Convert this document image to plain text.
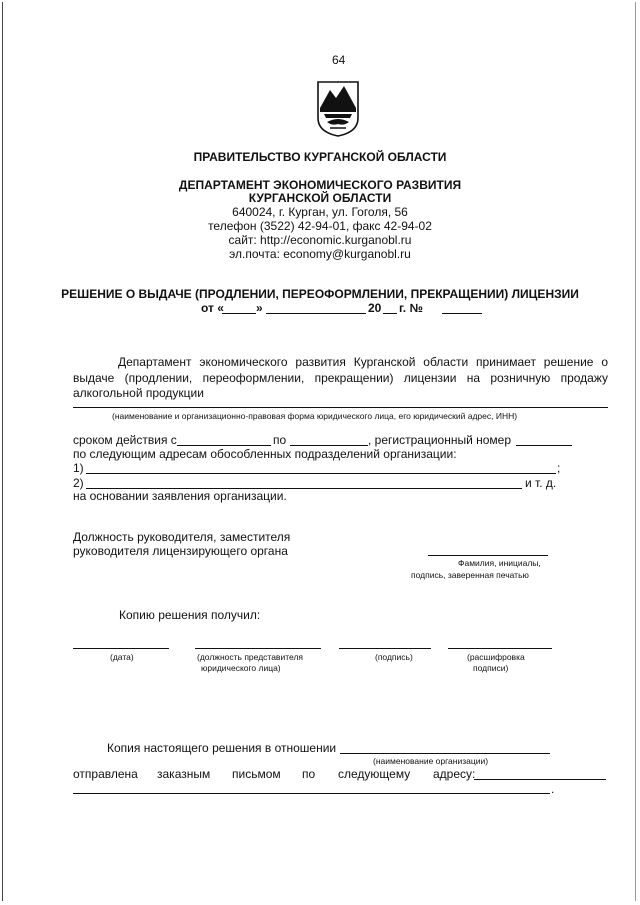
64
ПРАВИТЕЛЬСТВО КУРГАНСКОЙ ОБЛАСТИ
ДЕПАРТАМЕНТ ЭКОНОМИЧЕСКОГО РАЗВИТИЯ
КУРГАНСКОЙ ОБЛАСТИ
640024, г. Курган, ул. Гоголя, 56
телефон (3522) 42-94-01, факс 42-94-02
сайт: http://economic.kurganobl.ru
эл.почта: economy@kurganobl.ru
РЕШЕНИЕ О ВЫДАЧЕ (ПРОДЛЕНИИ, ПЕРЕОФОРМЛЕНИИ, ПРЕКРАЩЕНИИ) ЛИЦЕНЗИИ
от «	»	20 г. №
Департамент экономического развития Курганской области принимает решение о
выдаче (продлении, переоформлении, прекращении) лицензии на розничную продажу
алкогольной продукции
(наименование и организационно-правовая форма юридического лица, его юридический адрес, ИНН)
сроком действия с	по	, регистрационный номер
по следующим адресам обособленных подразделений организации:
1)	;
2)	и т. д.
на основании заявления организации.
Должность руководителя, заместителя
руководителя лицензирующего органа
Фамилия, инициалы,
подпись, заверенная печатью
Копию решения получил:
(дата)	(должность представителя
юридического лица)
(подпись)	(расшифровка
подписи)
Копия настоящего решения в отношении
(наименование организации)
отправлена заказным письмом по следующему адресу:
.
